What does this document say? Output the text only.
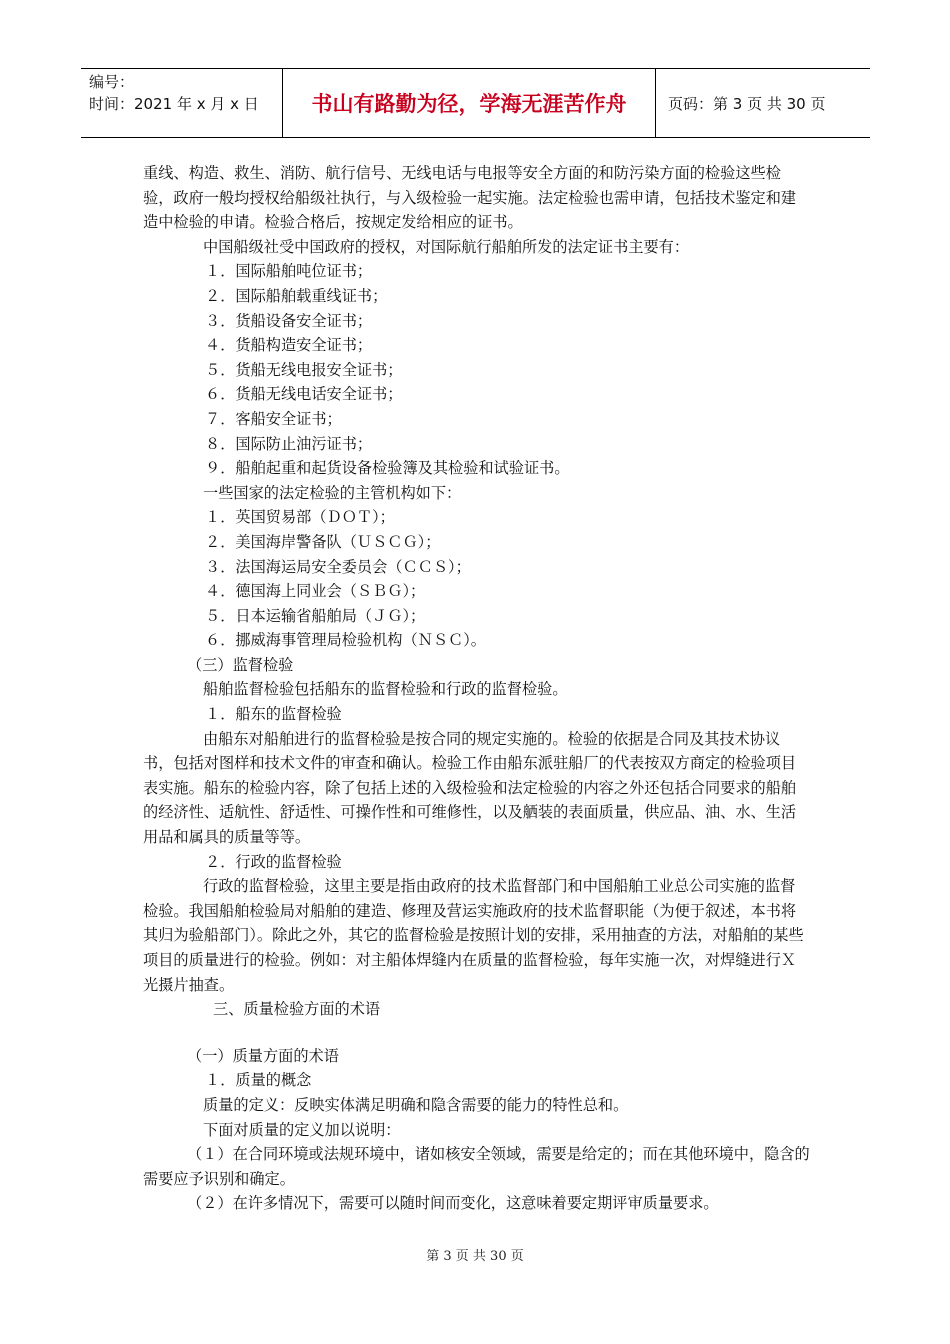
编号：
时间：2021 年 x 月 x 日	书山有路勤为径，学海无涯苦作舟	页码：第 3 页 共 30 页

重线、构造、救生、消防、航行信号、无线电话与电报等安全方面的和防污染方面的检验这些检验，政府一般均授权给船级社执行，与入级检验一起实施。法定检验也需申请，包括技术鉴定和建造中检验的申请。检验合格后，按规定发给相应的证书。

中国船级社受中国政府的授权，对国际航行船舶所发的法定证书主要有：

１．国际船舶吨位证书；

２．国际船舶载重线证书；

３．货船设备安全证书；

４．货船构造安全证书；

５．货船无线电报安全证书；

６．货船无线电话安全证书；

７．客船安全证书；

８．国际防止油污证书；

９．船舶起重和起货设备检验簿及其检验和试验证书。

一些国家的法定检验的主管机构如下：

１．英国贸易部（ＤＯＴ）；

２．美国海岸警备队（ＵＳＣＧ）；

３．法国海运局安全委员会（ＣＣＳ）；

４．德国海上同业会（ＳＢＧ）；

５．日本运输省船舶局（ＪＧ）；

６．挪威海事管理局检验机构（ＮＳＣ）。

（三）监督检验

船舶监督检验包括船东的监督检验和行政的监督检验。

１．船东的监督检验

由船东对船舶进行的监督检验是按合同的规定实施的。检验的依据是合同及其技术协议书，包括对图样和技术文件的审查和确认。检验工作由船东派驻船厂的代表按双方商定的检验项目表实施。船东的检验内容，除了包括上述的入级检验和法定检验的内容之外还包括合同要求的船舶的经济性、适航性、舒适性、可操作性和可维修性，以及舾装的表面质量，供应品、油、水、生活用品和属具的质量等等。

２．行政的监督检验

行政的监督检验，这里主要是指由政府的技术监督部门和中国船舶工业总公司实施的监督检验。我国船舶检验局对船舶的建造、修理及营运实施政府的技术监督职能（为便于叙述，本书将其归为验船部门）。除此之外，其它的监督检验是按照计划的安排，采用抽查的方法，对船舶的某些项目的质量进行的检验。例如：对主船体焊缝内在质量的监督检验，每年实施一次，对焊缝进行Ｘ光摄片抽查。

三、质量检验方面的术语

（一）质量方面的术语

１．质量的概念

质量的定义：反映实体满足明确和隐含需要的能力的特性总和。

下面对质量的定义加以说明：

（１）在合同环境或法规环境中，诸如核安全领域，需要是给定的；而在其他环境中，隐含的需要应予识别和确定。

（２）在许多情况下，需要可以随时间而变化，这意味着要定期评审质量要求。

第 3 页 共 30 页
